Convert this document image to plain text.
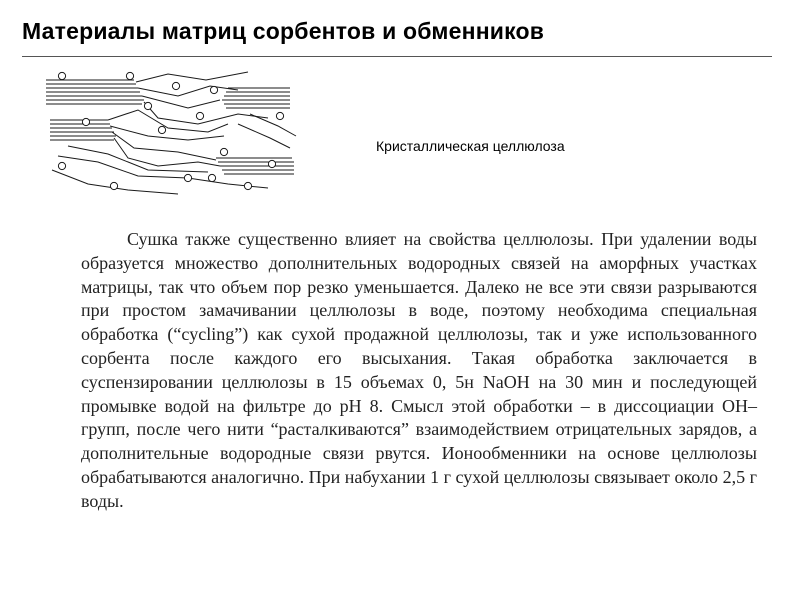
Материалы матриц сорбентов и обменников
Кристаллическая целлюлоза

Сушка также существенно влияет на свойства целлюлозы. При удалении воды образуется множество дополнительных водородных связей на аморфных участках матрицы, так что объем пор резко уменьшается. Далеко не все эти связи разрываются при простом замачивании целлюлозы в воде, поэтому необходима специальная обработка (“cycling”) как сухой продажной целлюлозы, так и уже использованного сорбента после каждого его высыхания. Такая обработка заключается в суспензировании целлюлозы в 15 объемах 0, 5н NaOH на 30 мин и последующей промывке водой на фильтре до pH 8. Смысл этой обработки – в диссоциации ОН–групп, после чего нити “расталкиваются” взаимодействием отрицательных зарядов, а дополнительные водородные связи рвутся. Ионообменники на основе целлюлозы обрабатываются аналогично. При набухании 1 г сухой целлюлозы связывает около 2,5 г воды.
